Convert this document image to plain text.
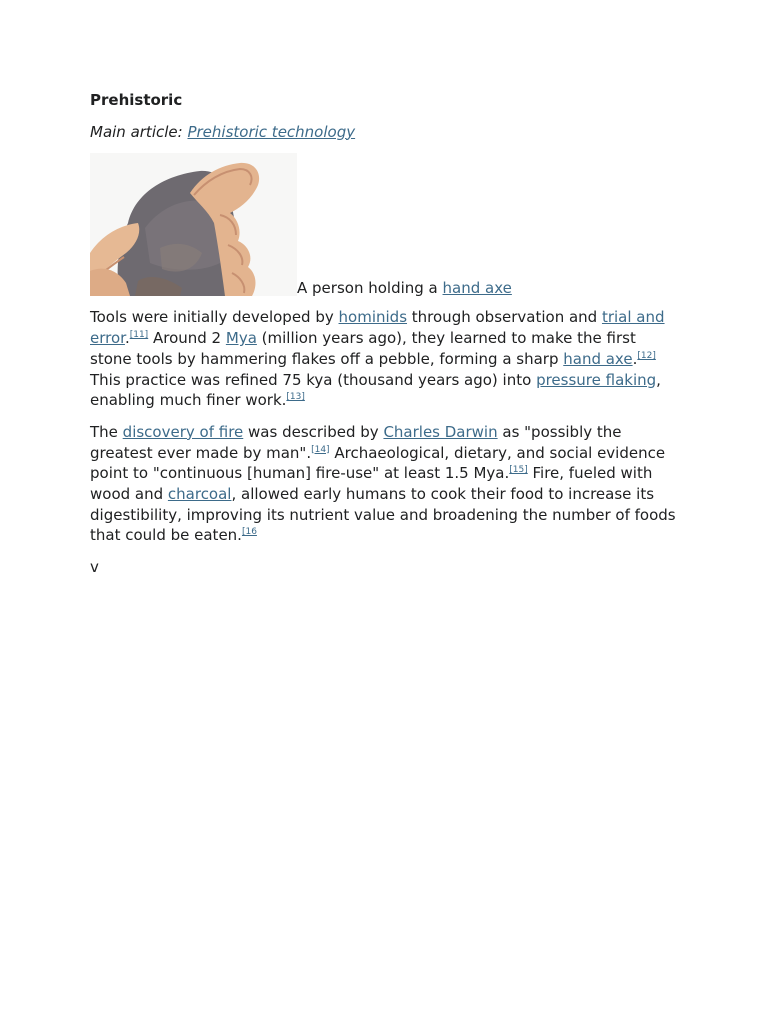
Prehistoric
Main article: Prehistoric technology
A person holding a hand axe

Tools were initially developed by hominids through observation and trial and error.[11] Around 2 Mya (million years ago), they learned to make the first stone tools by hammering flakes off a pebble, forming a sharp hand axe.[12] This practice was refined 75 kya (thousand years ago) into pressure flaking, enabling much finer work.[13]

The discovery of fire was described by Charles Darwin as "possibly the greatest ever made by man".[14] Archaeological, dietary, and social evidence point to "continuous [human] fire-use" at least 1.5 Mya.[15] Fire, fueled with wood and charcoal, allowed early humans to cook their food to increase its digestibility, improving its nutrient value and broadening the number of foods that could be eaten.$^{[16}$

v
